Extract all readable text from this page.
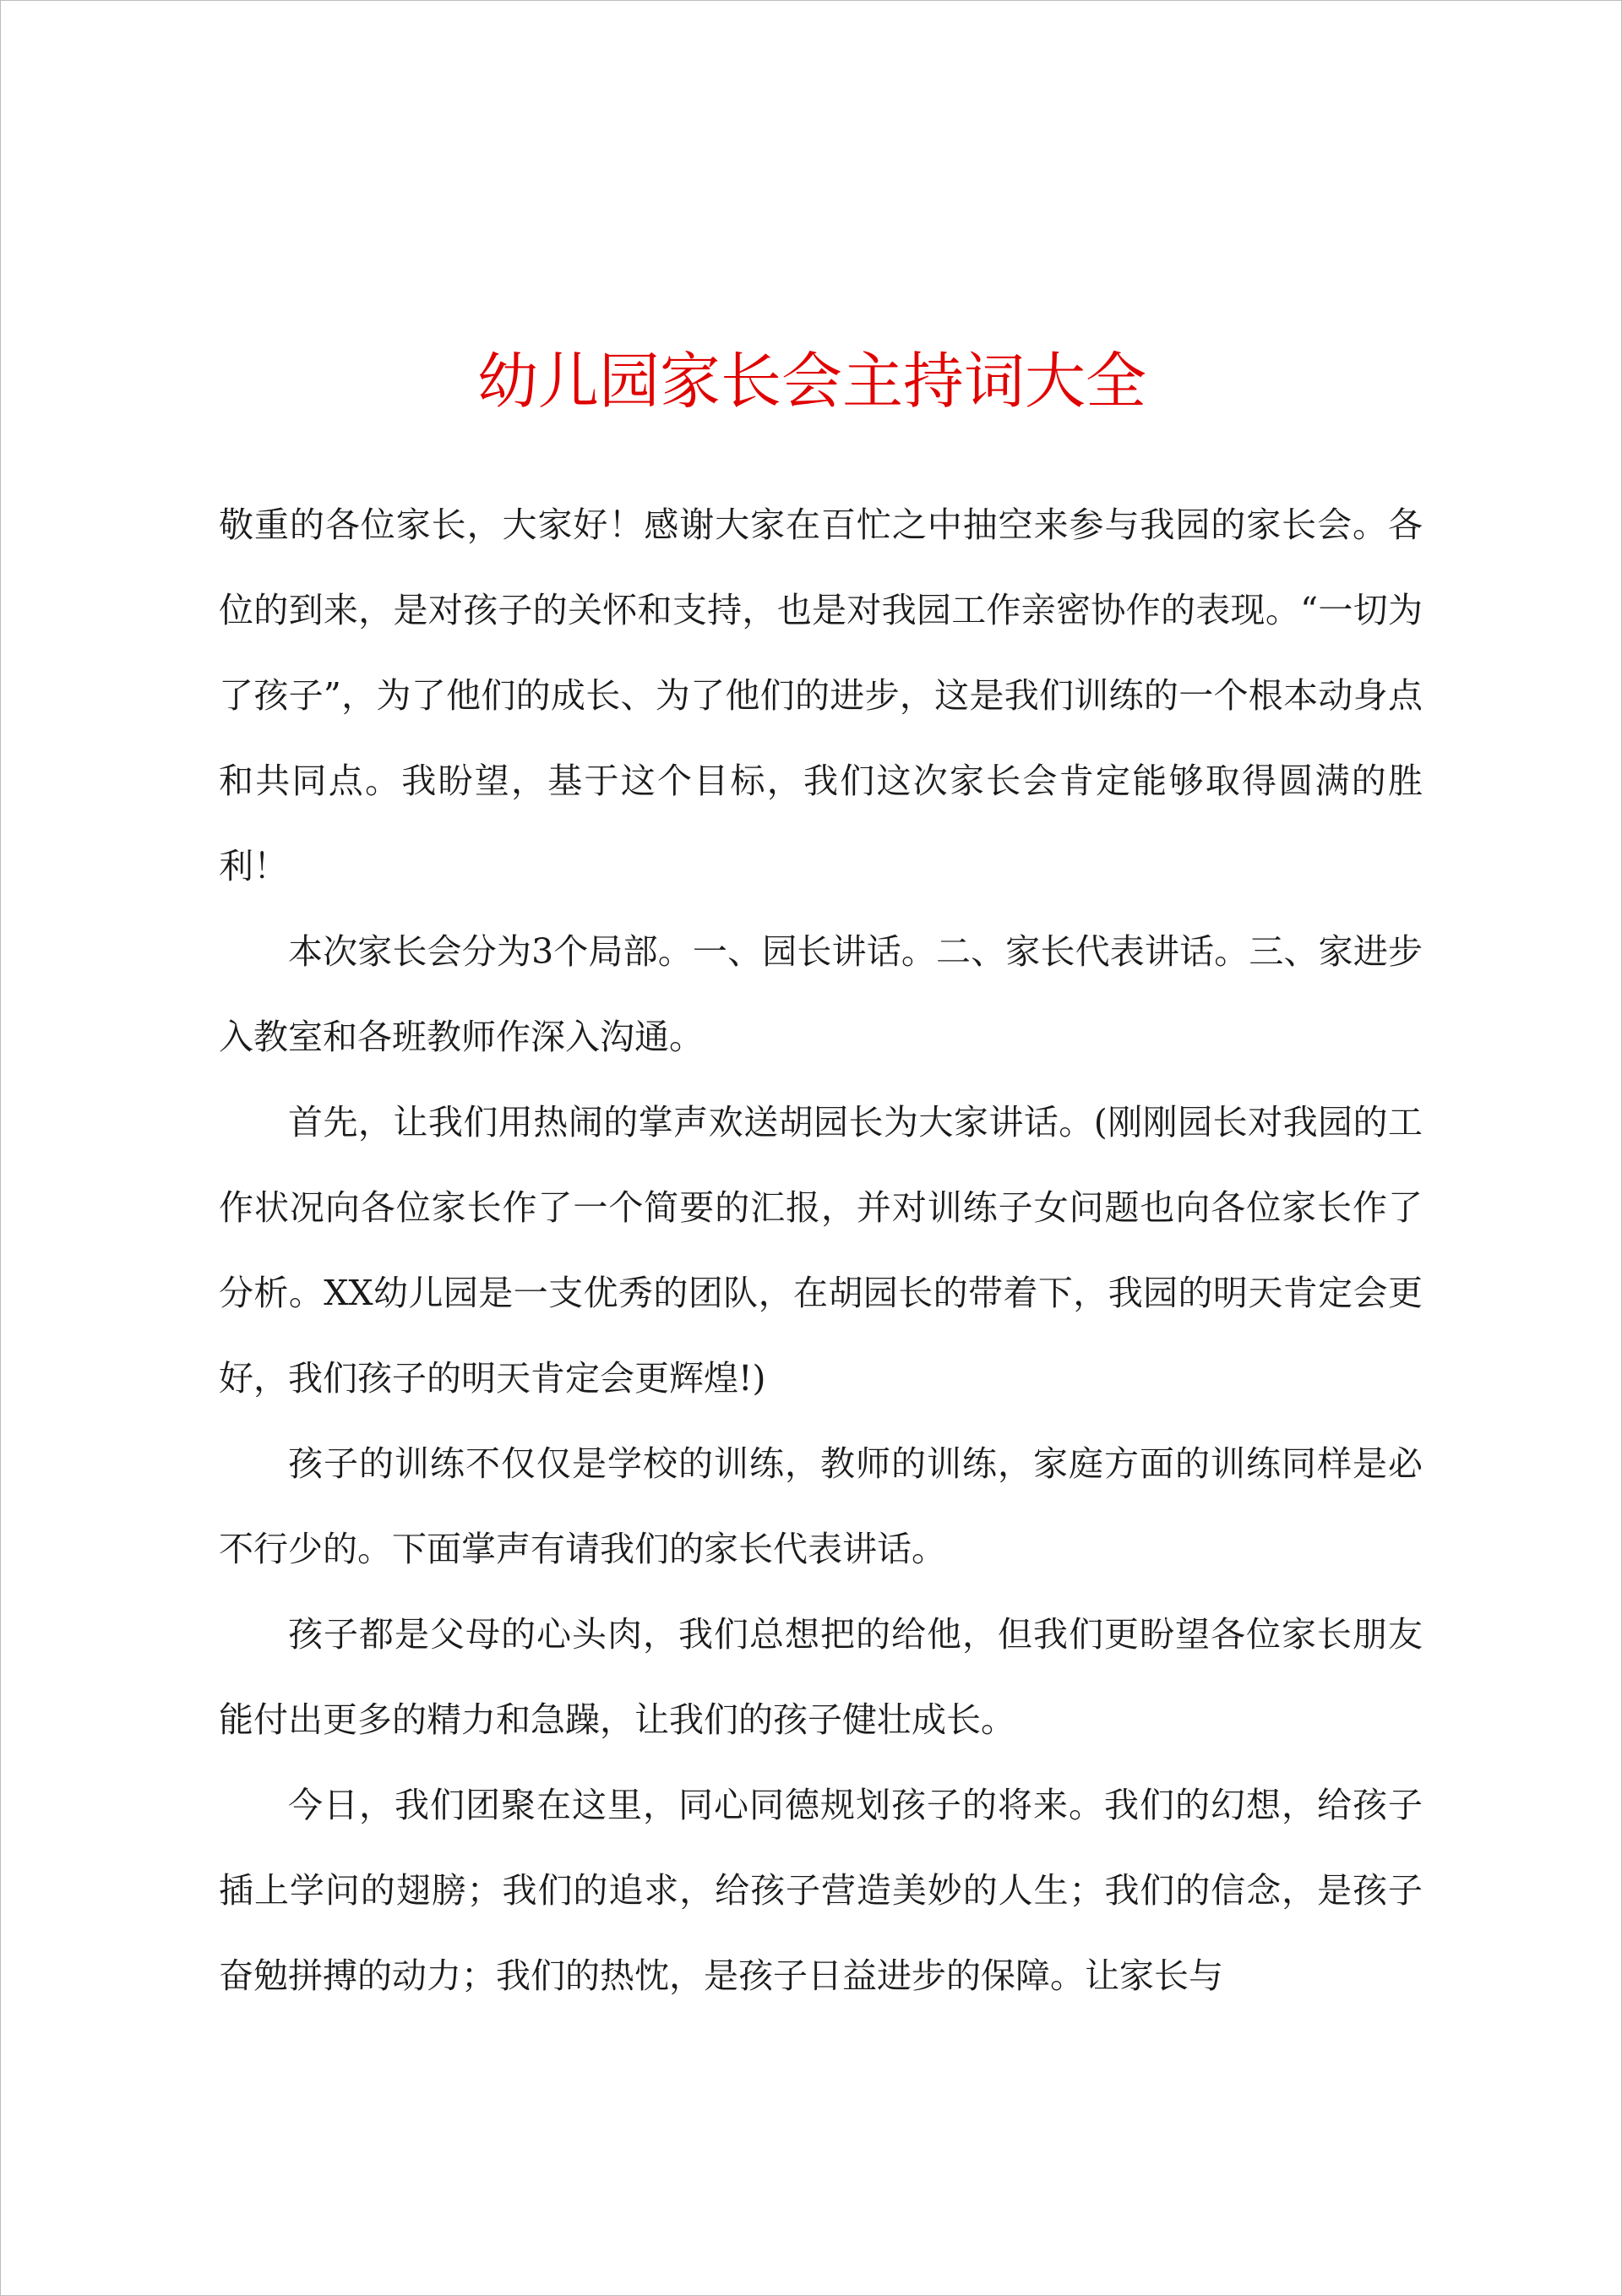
幼儿园家长会主持词大全

敬重的各位家长，大家好！感谢大家在百忙之中抽空来参与我园的家长会。各位的到来，是对孩子的关怀和支持，也是对我园工作亲密协作的表现。“一切为了孩子”，为了他们的成长、为了他们的进步，这是我们训练的一个根本动身点和共同点。我盼望，基于这个目标，我们这次家长会肯定能够取得圆满的胜利！

本次家长会分为3个局部。一、园长讲话。二、家长代表讲话。三、家进步入教室和各班教师作深入沟通。

首先，让我们用热闹的掌声欢送胡园长为大家讲话。(刚刚园长对我园的工作状况向各位家长作了一个简要的汇报，并对训练子女问题也向各位家长作了分析。XX幼儿园是一支优秀的团队，在胡园长的带着下，我园的明天肯定会更好，我们孩子的明天肯定会更辉煌!)

孩子的训练不仅仅是学校的训练，教师的训练，家庭方面的训练同样是必不行少的。下面掌声有请我们的家长代表讲话。

孩子都是父母的心头肉，我们总想把的给他，但我们更盼望各位家长朋友能付出更多的精力和急躁，让我们的孩子健壮成长。

今日，我们团聚在这里，同心同德规划孩子的将来。我们的幻想，给孩子插上学问的翅膀；我们的追求，给孩子营造美妙的人生；我们的信念，是孩子奋勉拼搏的动力；我们的热忱，是孩子日益进步的保障。让家长与
